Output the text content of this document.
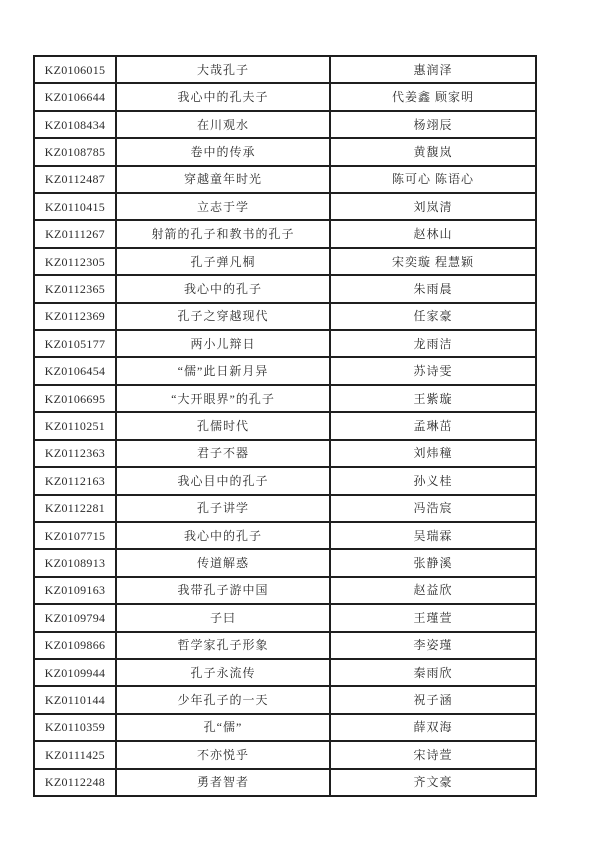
KZ0106015	大哉孔子	惠润泽
KZ0106644	我心中的孔夫子	代姜鑫 顾家明
KZ0108434	在川观水	杨翊辰
KZ0108785	卷中的传承	黄馥岚
KZ0112487	穿越童年时光	陈可心 陈语心
KZ0110415	立志于学	刘岚清
KZ0111267	射箭的孔子和教书的孔子	赵林山
KZ0112305	孔子弹凡桐	宋奕璇 程慧颖
KZ0112365	我心中的孔子	朱雨晨
KZ0112369	孔子之穿越现代	任家豪
KZ0105177	两小儿辩日	龙雨洁
KZ0106454	“儒”此日新月异	苏诗雯
KZ0106695	“大开眼界”的孔子	王紫璇
KZ0110251	孔儒时代	孟琳茁
KZ0112363	君子不器	刘炜穜
KZ0112163	我心目中的孔子	孙义桂
KZ0112281	孔子讲学	冯浩宸
KZ0107715	我心中的孔子	吴瑞霖
KZ0108913	传道解惑	张静溪
KZ0109163	我带孔子游中国	赵益欣
KZ0109794	子曰	王瑾萱
KZ0109866	哲学家孔子形象	李姿瑾
KZ0109944	孔子永流传	秦雨欣
KZ0110144	少年孔子的一天	祝子涵
KZ0110359	孔“儒”	薛双海
KZ0111425	不亦悦乎	宋诗萱
KZ0112248	勇者智者	齐文豪
